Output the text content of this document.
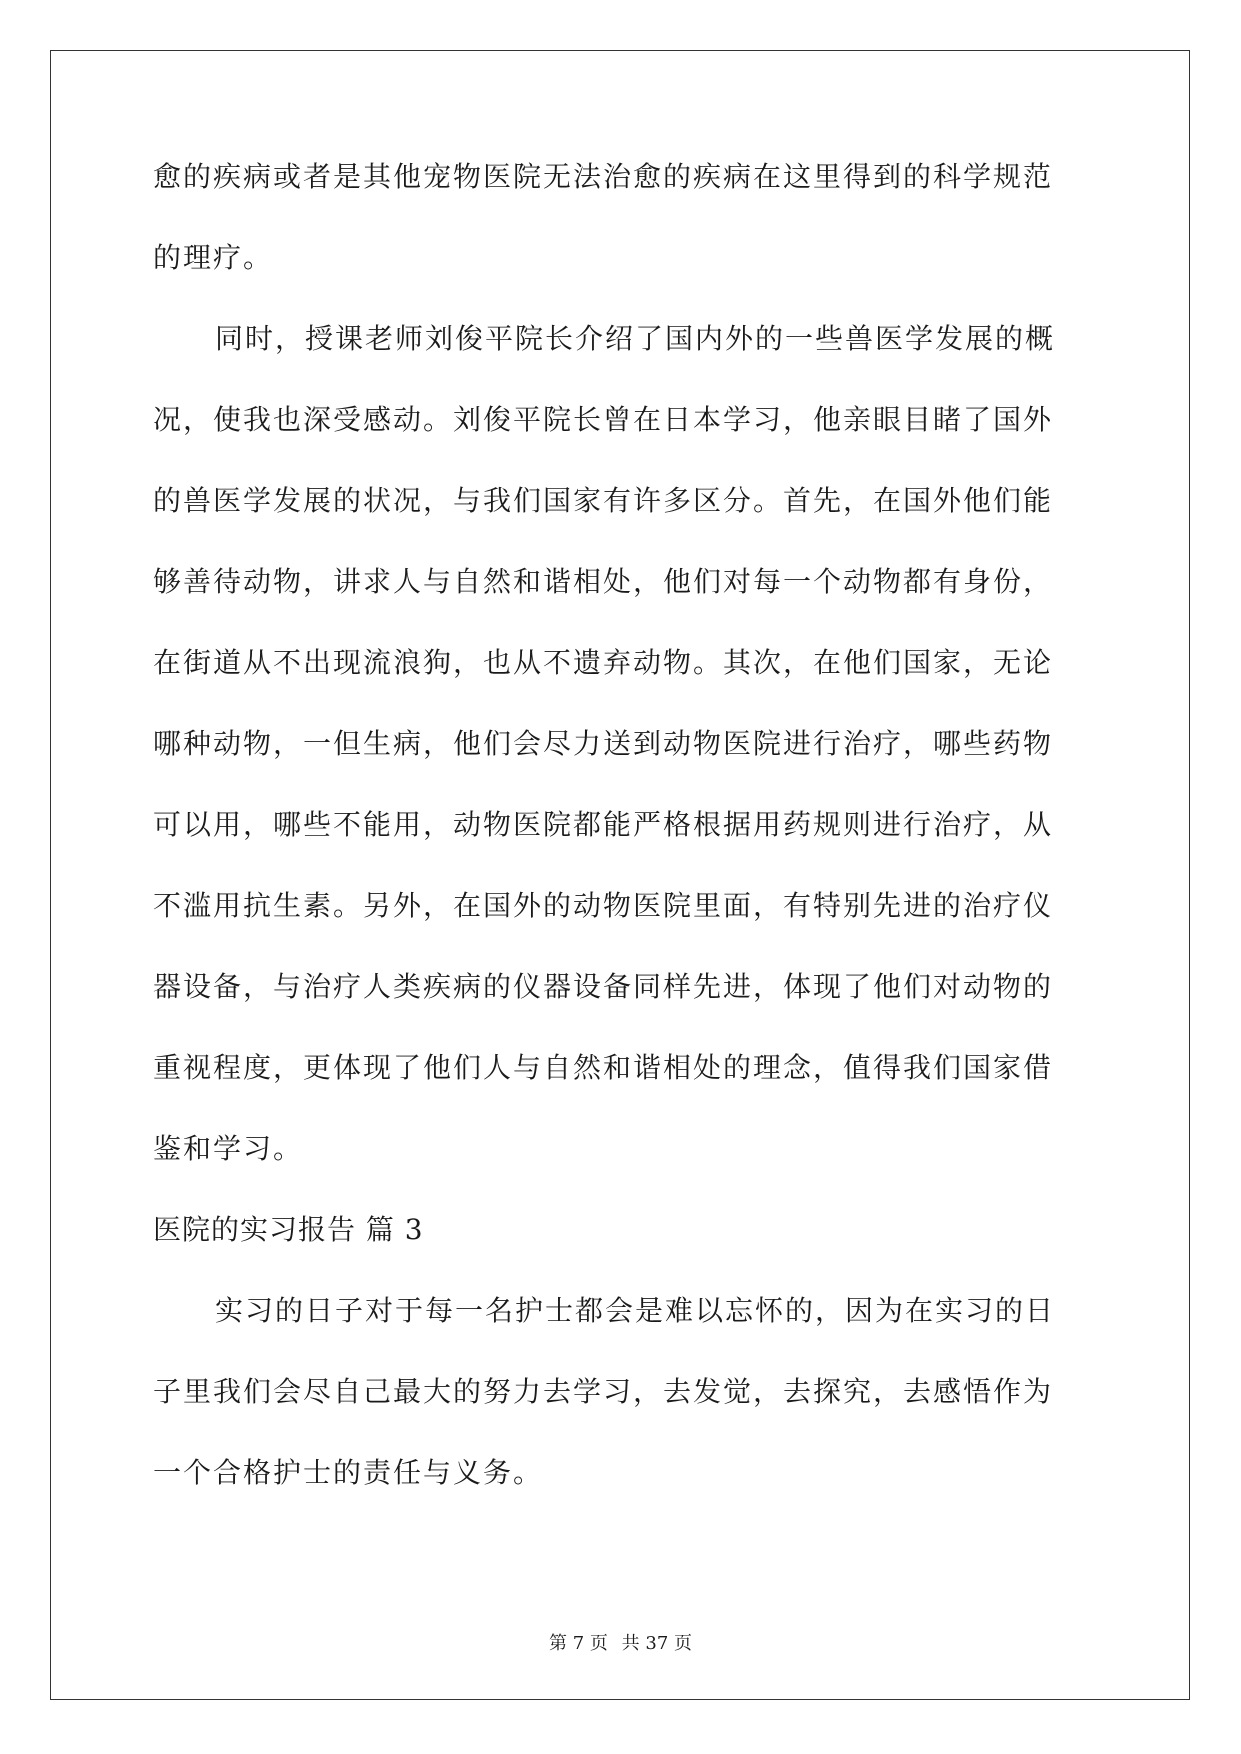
愈的疾病或者是其他宠物医院无法治愈的疾病在这里得到的科学规范
的理疗。
同时，授课老师刘俊平院长介绍了国内外的一些兽医学发展的概
况，使我也深受感动。刘俊平院长曾在日本学习，他亲眼目睹了国外
的兽医学发展的状况，与我们国家有许多区分。首先，在国外他们能
够善待动物，讲求人与自然和谐相处，他们对每一个动物都有身份，
在街道从不出现流浪狗，也从不遗弃动物。其次，在他们国家，无论
哪种动物，一但生病，他们会尽力送到动物医院进行治疗，哪些药物
可以用，哪些不能用，动物医院都能严格根据用药规则进行治疗，从
不滥用抗生素。另外，在国外的动物医院里面，有特别先进的治疗仪
器设备，与治疗人类疾病的仪器设备同样先进，体现了他们对动物的
重视程度，更体现了他们人与自然和谐相处的理念，值得我们国家借
鉴和学习。
医院的实习报告 篇 3
实习的日子对于每一名护士都会是难以忘怀的，因为在实习的日
子里我们会尽自己最大的努力去学习，去发觉，去探究，去感悟作为
一个合格护士的责任与义务。
第 7 页 共 37 页
